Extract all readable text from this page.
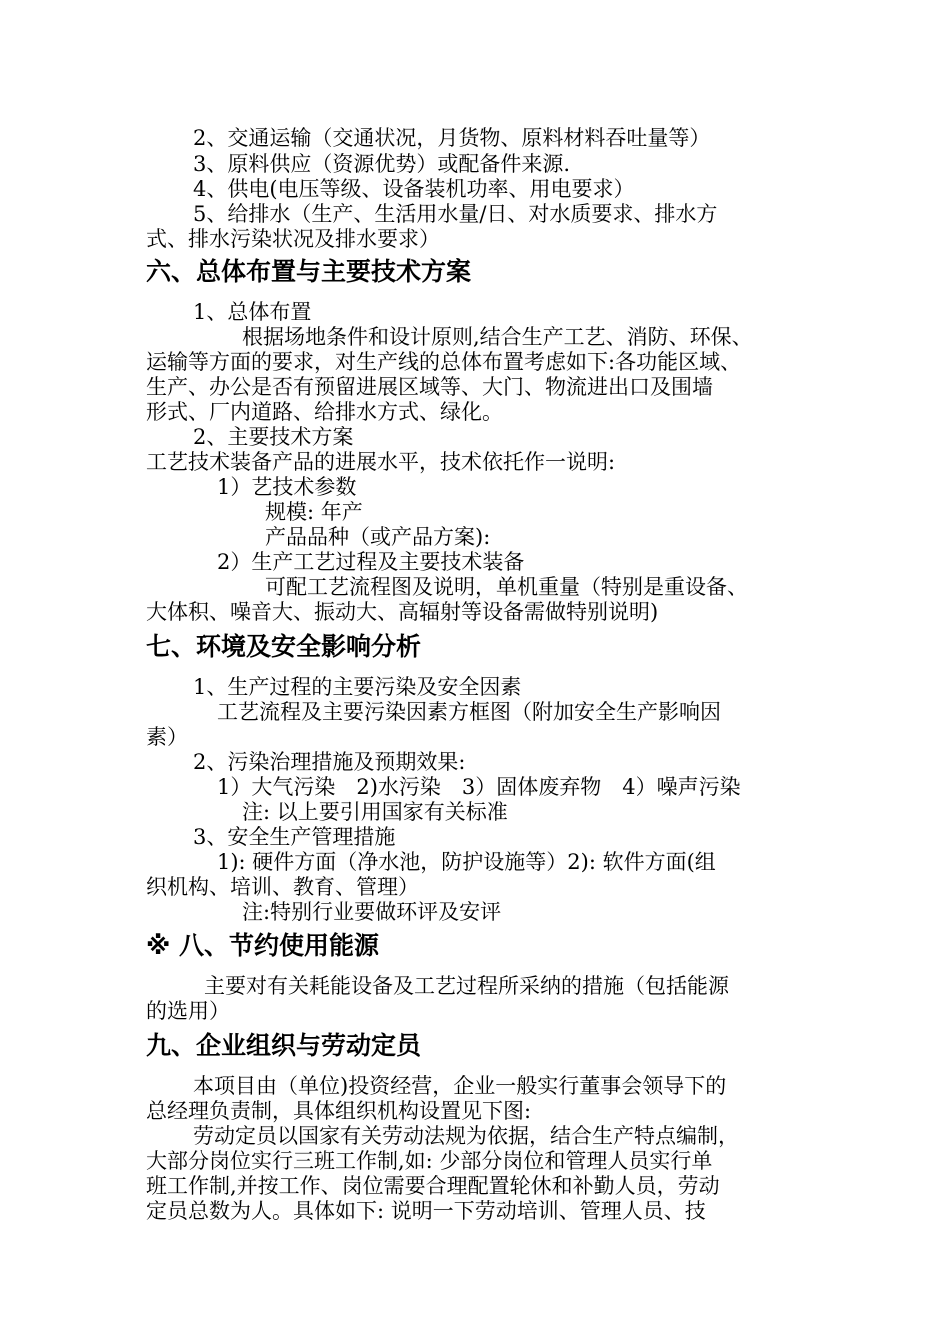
2、交通运输（交通状况，月货物、原料材料吞吐量等）
3、原料供应（资源优势）或配备件来源.
4、供电(电压等级、设备装机功率、用电要求）
5、给排水（生产、生活用水量/日、对水质要求、排水方
式、排水污染状况及排水要求）
六、总体布置与主要技术方案
1、总体布置
根据场地条件和设计原则,结合生产工艺、消防、环保、
运输等方面的要求，对生产线的总体布置考虑如下:各功能区域、
生产、办公是否有预留进展区域等、大门、物流进出口及围墙
形式、厂内道路、给排水方式、绿化。
2、主要技术方案
工艺技术装备产品的进展水平，技术依托作一说明:
1）艺技术参数
规模: 年产
产品品种（或产品方案):
2）生产工艺过程及主要技术装备
可配工艺流程图及说明，单机重量（特别是重设备、
大体积、噪音大、振动大、高辐射等设备需做特别说明)
七、环境及安全影响分析
1、生产过程的主要污染及安全因素
工艺流程及主要污染因素方框图（附加安全生产影响因
素）
2、污染治理措施及预期效果:
1）大气污染　2)水污染　3）固体废弃物　4）噪声污染
注: 以上要引用国家有关标准
3、安全生产管理措施
1): 硬件方面（净水池，防护设施等）2): 软件方面(组
织机构、培训、教育、管理）
注:特别行业要做环评及安评
※ 八、节约使用能源
主要对有关耗能设备及工艺过程所采纳的措施（包括能源
的选用）
九、企业组织与劳动定员
本项目由（单位)投资经营，企业一般实行董事会领导下的
总经理负责制，具体组织机构设置见下图:
劳动定员以国家有关劳动法规为依据，结合生产特点编制，
大部分岗位实行三班工作制,如: 少部分岗位和管理人员实行单
班工作制,并按工作、岗位需要合理配置轮休和补勤人员，劳动
定员总数为人。具体如下: 说明一下劳动培训、管理人员、技
